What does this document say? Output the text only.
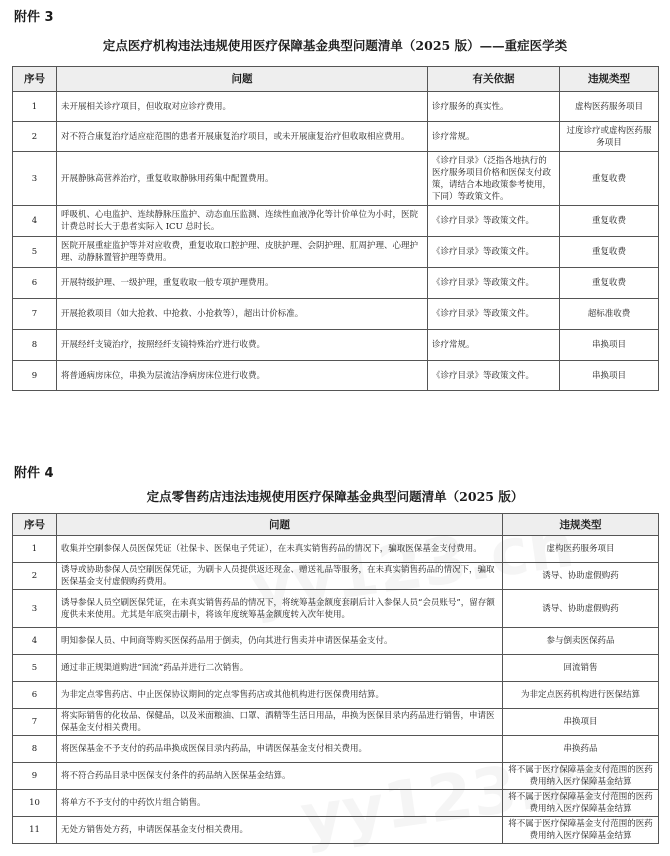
附件 3
定点医疗机构违法违规使用医疗保障基金典型问题清单（2025 版）——重症医学类
序号	问题	有关依据	违规类型
1	未开展相关诊疗项目，但收取对应诊疗费用。	诊疗服务的真实性。	虚构医药服务项目
2	对不符合康复治疗适应症范围的患者开展康复治疗项目，或未开展康复治疗但收取相应费用。	诊疗常规。	过度诊疗或虚构医药服务项目
3	开展静脉高营养治疗，重复收取静脉用药集中配置费用。	《诊疗目录》（泛指各地执行的医疗服务项目价格和医保支付政策，请结合本地政策参考使用，下同）等政策文件。	重复收费
4	呼吸机、心电监护、连续静脉压监护、动态血压监测、连续性血液净化等计价单位为小时，医院计费总时长大于患者实际入 ICU 总时长。	《诊疗目录》等政策文件。	重复收费
5	医院开展重症监护等并对应收费，重复收取口腔护理、皮肤护理、会阴护理、肛周护理、心理护理、动静脉置管护理等费用。	《诊疗目录》等政策文件。	重复收费
6	开展特级护理、一级护理，重复收取一般专项护理费用。	《诊疗目录》等政策文件。	重复收费
7	开展抢救项目（如大抢救、中抢救、小抢救等），超出计价标准。	《诊疗目录》等政策文件。	超标准收费
8	开展经纤支镜治疗，按照经纤支镜特殊治疗进行收费。	诊疗常规。	串换项目
9	将普通病房床位，串换为层流洁净病房床位进行收费。	《诊疗目录》等政策文件。	串换项目
附件 4
定点零售药店违法违规使用医疗保障基金典型问题清单（2025 版）
序号	问题	违规类型
1	收集并空刷参保人员医保凭证（社保卡、医保电子凭证），在未真实销售药品的情况下，骗取医保基金支付费用。	虚构医药服务项目
2	诱导或协助参保人员空刷医保凭证，为刷卡人员提供返还现金、赠送礼品等服务，在未真实销售药品的情况下，骗取医保基金支付虚假购药费用。	诱导、协助虚假购药
3	诱导参保人员空刷医保凭证，在未真实销售药品的情况下，将统筹基金额度套刷后计入参保人员“会员账号”，留存额度供未来使用。尤其是年底突击刷卡，将该年度统筹基金额度转入次年使用。	诱导、协助虚假购药
4	明知参保人员、中间商等购买医保药品用于倒卖，仍向其进行售卖并申请医保基金支付。	参与倒卖医保药品
5	通过非正规渠道购进“回流”药品并进行二次销售。	回流销售
6	为非定点零售药店、中止医保协议期间的定点零售药店或其他机构进行医保费用结算。	为非定点医药机构进行医保结算
7	将实际销售的化妆品、保健品，以及米面粮油、口罩、酒精等生活日用品，串换为医保目录内药品进行销售，申请医保基金支付相关费用。	串换项目
8	将医保基金不予支付的药品串换成医保目录内药品，申请医保基金支付相关费用。	串换药品
9	将不符合药品目录中医保支付条件的药品纳入医保基金结算。	将不属于医疗保障基金支付范围的医药费用纳入医疗保障基金结算
10	将单方不予支付的中药饮片组合销售。	将不属于医疗保障基金支付范围的医药费用纳入医疗保障基金结算
11	无处方销售处方药，申请医保基金支付相关费用。	将不属于医疗保障基金支付范围的医药费用纳入医疗保障基金结算
